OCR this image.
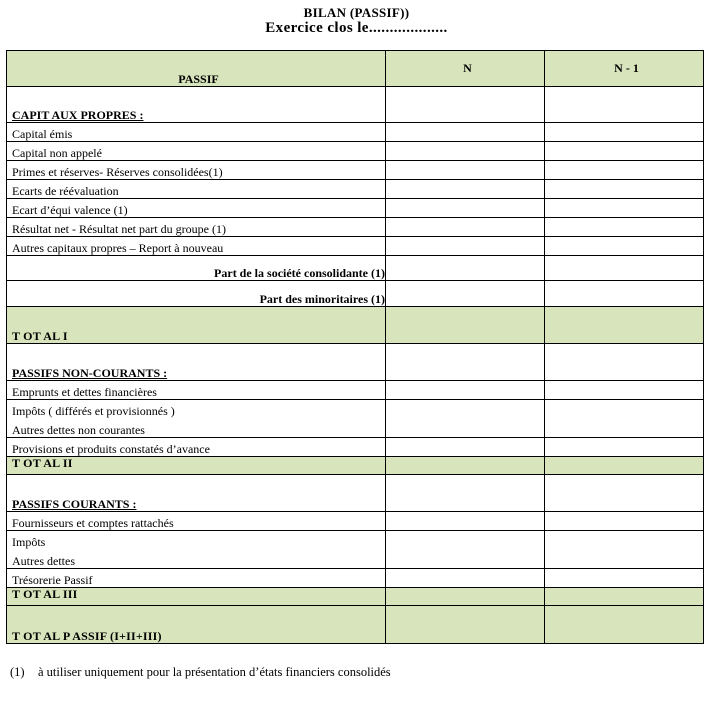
BILAN (PASSIF))
Exercice clos le...................
PASSIF	N	N - 1
CAPIT AUX PROPRES :		
Capital émis		
Capital non appelé		
Primes et réserves- Réserves consolidées(1)		
Ecarts de réévaluation		
Ecart d’équi valence (1)		
Résultat net - Résultat net part du groupe (1)		
Autres capitaux propres – Report à nouveau		
Part de la société consolidante (1)		
Part des minoritaires (1)		
T OT AL I		
PASSIFS NON-COURANTS :		
Emprunts et dettes financières		

Impôts ( différés et provisionnés )
Autres dettes non courantes		

Provisions et produits constatés d’avance		
T OT AL II		
PASSIFS COURANTS :		
Fournisseurs et comptes rattachés		

Impôts
Autres dettes		

Trésorerie Passif		
T OT AL III		
T OT AL P ASSIF (I+II+III)		
(1) à utiliser uniquement pour la présentation d’états financiers consolidés
